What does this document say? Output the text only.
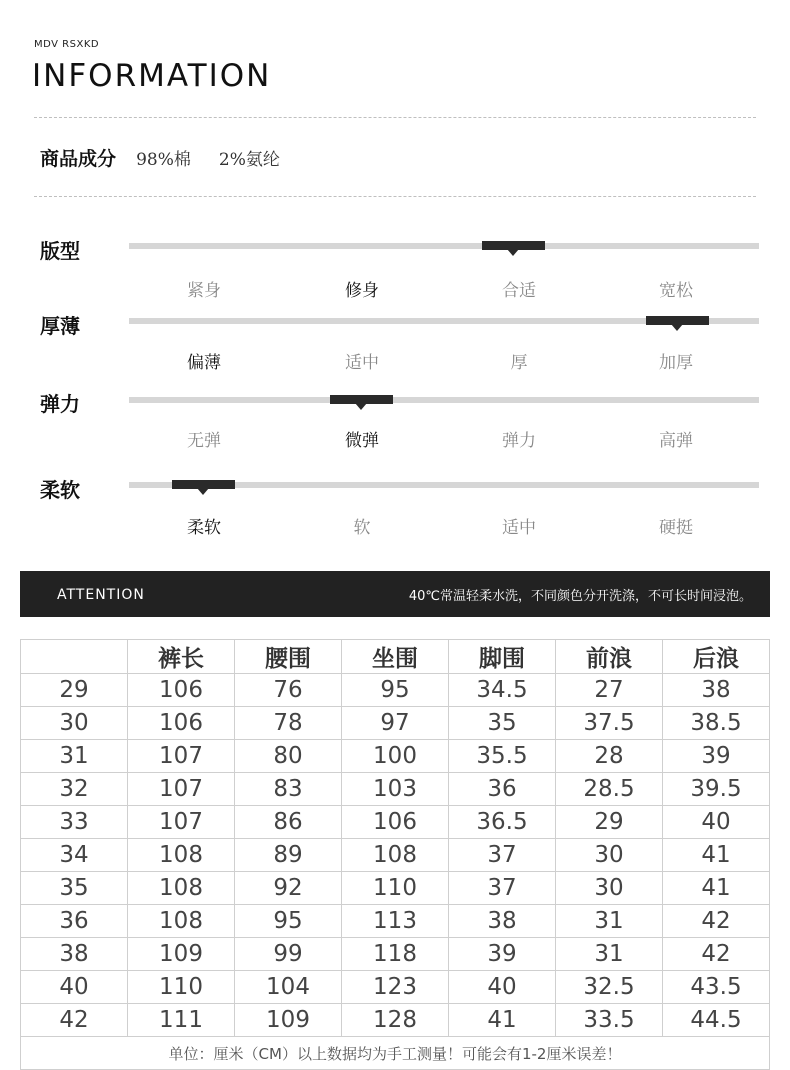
MDV RSXKD
INFORMATION
商品成分 98%棉 2%氨纶
版型
紧身	修身	合适	宽松
厚薄
偏薄	适中	厚	加厚
弹力
无弹	微弹	弹力	高弹
柔软
柔软	软	适中	硬挺
ATTENTION	40℃常温轻柔水洗，不同颜色分开洗涤，不可长时间浸泡。
	裤长	腰围	坐围	脚围	前浪	后浪
29	106	76	95	34.5	27	38
30	106	78	97	35	37.5	38.5
31	107	80	100	35.5	28	39
32	107	83	103	36	28.5	39.5
33	107	86	106	36.5	29	40
34	108	89	108	37	30	41
35	108	92	110	37	30	41
36	108	95	113	38	31	42
38	109	99	118	39	31	42
40	110	104	123	40	32.5	43.5
42	111	109	128	41	33.5	44.5
单位：厘米（CM）以上数据均为手工测量！可能会有1-2厘米误差！						
